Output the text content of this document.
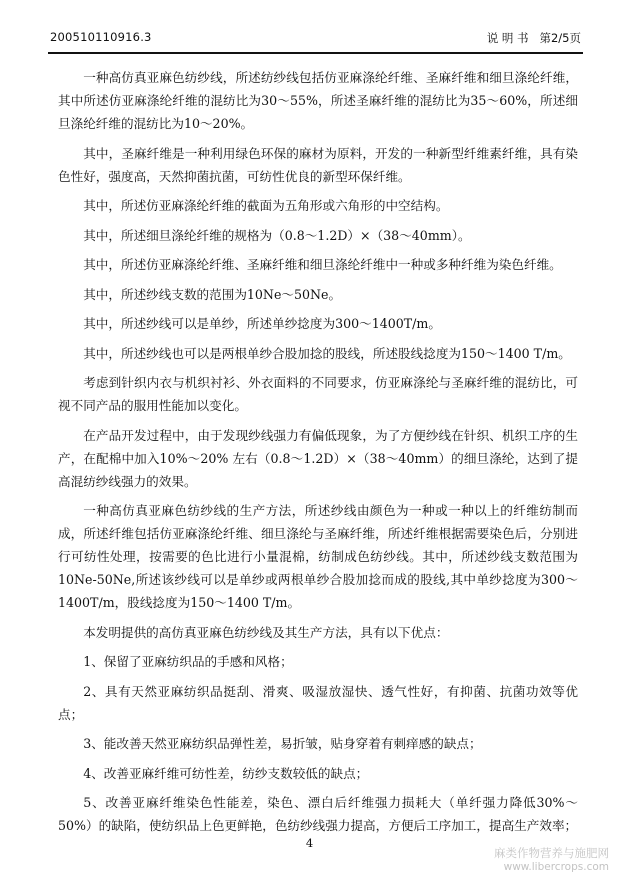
200510110916.3	说 明 书   第2/5页

一种高仿真亚麻色纺纱线，所述纺纱线包括仿亚麻涤纶纤维、圣麻纤维和细旦涤纶纤维，其中所述仿亚麻涤纶纤维的混纺比为30～55%，所述圣麻纤维的混纺比为35～60%，所述细旦涤纶纤维的混纺比为10～20%。

其中，圣麻纤维是一种利用绿色环保的麻材为原料，开发的一种新型纤维素纤维，具有染色性好，强度高，天然抑菌抗菌，可纺性优良的新型环保纤维。

其中，所述仿亚麻涤纶纤维的截面为五角形或六角形的中空结构。

其中，所述细旦涤纶纤维的规格为（0.8～1.2D）×（38～40mm）。

其中，所述仿亚麻涤纶纤维、圣麻纤维和细旦涤纶纤维中一种或多种纤维为染色纤维。

其中，所述纱线支数的范围为10Ne～50Ne。

其中，所述纱线可以是单纱，所述单纱捻度为300～1400T/m。

其中，所述纱线也可以是两根单纱合股加捻的股线，所述股线捻度为150～1400 T/m。

考虑到针织内衣与机织衬衫、外衣面料的不同要求，仿亚麻涤纶与圣麻纤维的混纺比，可视不同产品的服用性能加以变化。

在产品开发过程中，由于发现纱线强力有偏低现象，为了方便纱线在针织、机织工序的生产，在配棉中加入10%～20% 左右（0.8～1.2D）×（38～40mm）的细旦涤纶，达到了提高混纺纱线强力的效果。

一种高仿真亚麻色纺纱线的生产方法，所述纱线由颜色为一种或一种以上的纤维纺制而成，所述纤维包括仿亚麻涤纶纤维、细旦涤纶与圣麻纤维，所述纤维根据需要染色后，分别进行可纺性处理，按需要的色比进行小量混棉，纺制成色纺纱线。其中，所述纱线支数范围为10Ne-50Ne,所述该纱线可以是单纱或两根单纱合股加捻而成的股线,其中单纱捻度为300～1400T/m，股线捻度为150～1400 T/m。

本发明提供的高仿真亚麻色纺纱线及其生产方法，具有以下优点：

1、保留了亚麻纺织品的手感和风格；

2、具有天然亚麻纺织品挺刮、滑爽、吸湿放湿快、透气性好，有抑菌、抗菌功效等优点；

3、能改善天然亚麻纺织品弹性差，易折皱，贴身穿着有刺痒感的缺点；

4、改善亚麻纤维可纺性差，纺纱支数较低的缺点；

5、改善亚麻纤维染色性能差，染色、漂白后纤维强力损耗大（单纤强力降低30%～50%）的缺陷，使纺织品上色更鲜艳，色纺纱线强力提高，方便后工序加工，提高生产效率；

4
麻类作物营养与施肥网
www.libercrops.com
